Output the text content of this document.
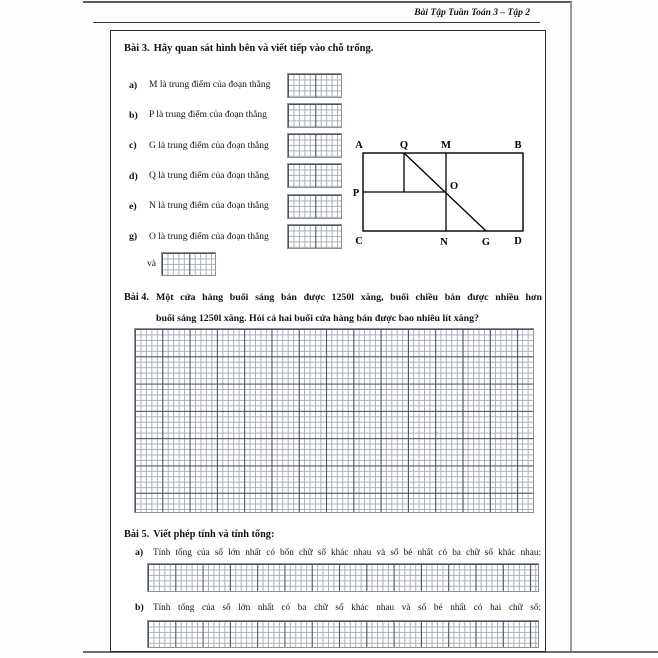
Bài Tập Tuần Toán 3 – Tập 2
Bài 3. Hãy quan sát hình bên và viết tiếp vào chỗ trống.
a)	M là trung điểm của đoạn thẳng
b)	P là trung điểm của đoạn thẳng
c)	G là trung điểm của đoạn thẳng
d)	Q là trung điểm của đoạn thẳng
e)	N là trung điểm của đoạn thẳng
g)	O là trung điểm của đoạn thẳng
và
A	Q	M	B
P
O
C	N	G D
Bài 4. Một cửa hàng buổi sáng bán được 1250l xăng, buổi chiều bán được nhiều hơn
buổi sáng 1250l xăng. Hỏi cả hai buổi cửa hàng bán được bao nhiêu lít xăng?
Bài 5. Viết phép tính và tính tổng:
a)	Tính tổng của số lớn nhất có bốn chữ số khác nhau và số bé nhất có ba chữ số khác nhau:
b)	Tính tổng của số lớn nhất có ba chữ số khác nhau và số bé nhất có hai chữ số:
